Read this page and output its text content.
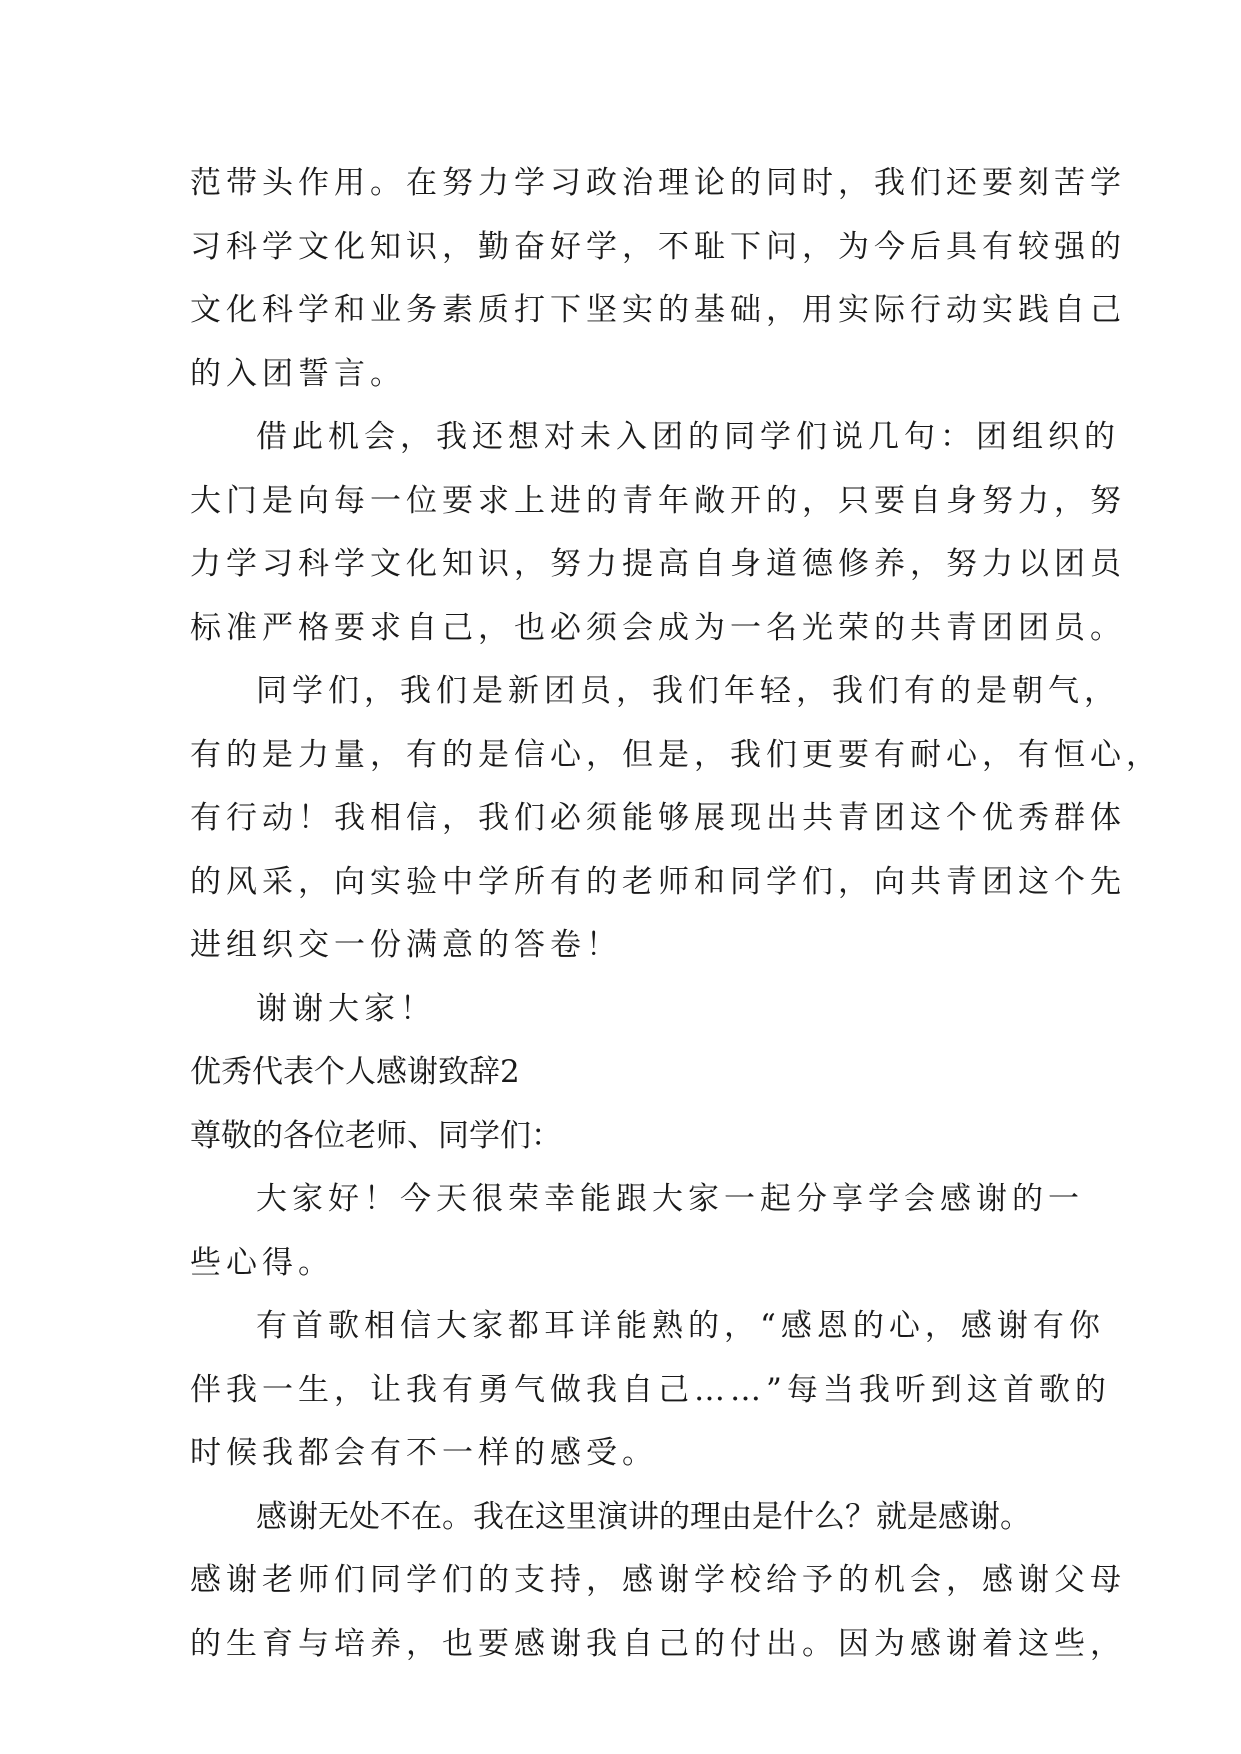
范带头作用。在努力学习政治理论的同时，我们还要刻苦学
习科学文化知识，勤奋好学，不耻下问，为今后具有较强的
文化科学和业务素质打下坚实的基础，用实际行动实践自己
的入团誓言。
借此机会，我还想对未入团的同学们说几句：团组织的
大门是向每一位要求上进的青年敞开的，只要自身努力，努
力学习科学文化知识，努力提高自身道德修养，努力以团员
标准严格要求自己，也必须会成为一名光荣的共青团团员。
同学们，我们是新团员，我们年轻，我们有的是朝气，
有的是力量，有的是信心，但是，我们更要有耐心，有恒心，
有行动！我相信，我们必须能够展现出共青团这个优秀群体
的风采，向实验中学所有的老师和同学们，向共青团这个先
进组织交一份满意的答卷！
谢谢大家！
优秀代表个人感谢致辞2
尊敬的各位老师、同学们：
大家好！今天很荣幸能跟大家一起分享学会感谢的一
些心得。
有首歌相信大家都耳详能熟的，“感恩的心，感谢有你
伴我一生，让我有勇气做我自己……”每当我听到这首歌的
时候我都会有不一样的感受。
感谢无处不在。我在这里演讲的理由是什么？就是感谢。
感谢老师们同学们的支持，感谢学校给予的机会，感谢父母
的生育与培养，也要感谢我自己的付出。因为感谢着这些，
